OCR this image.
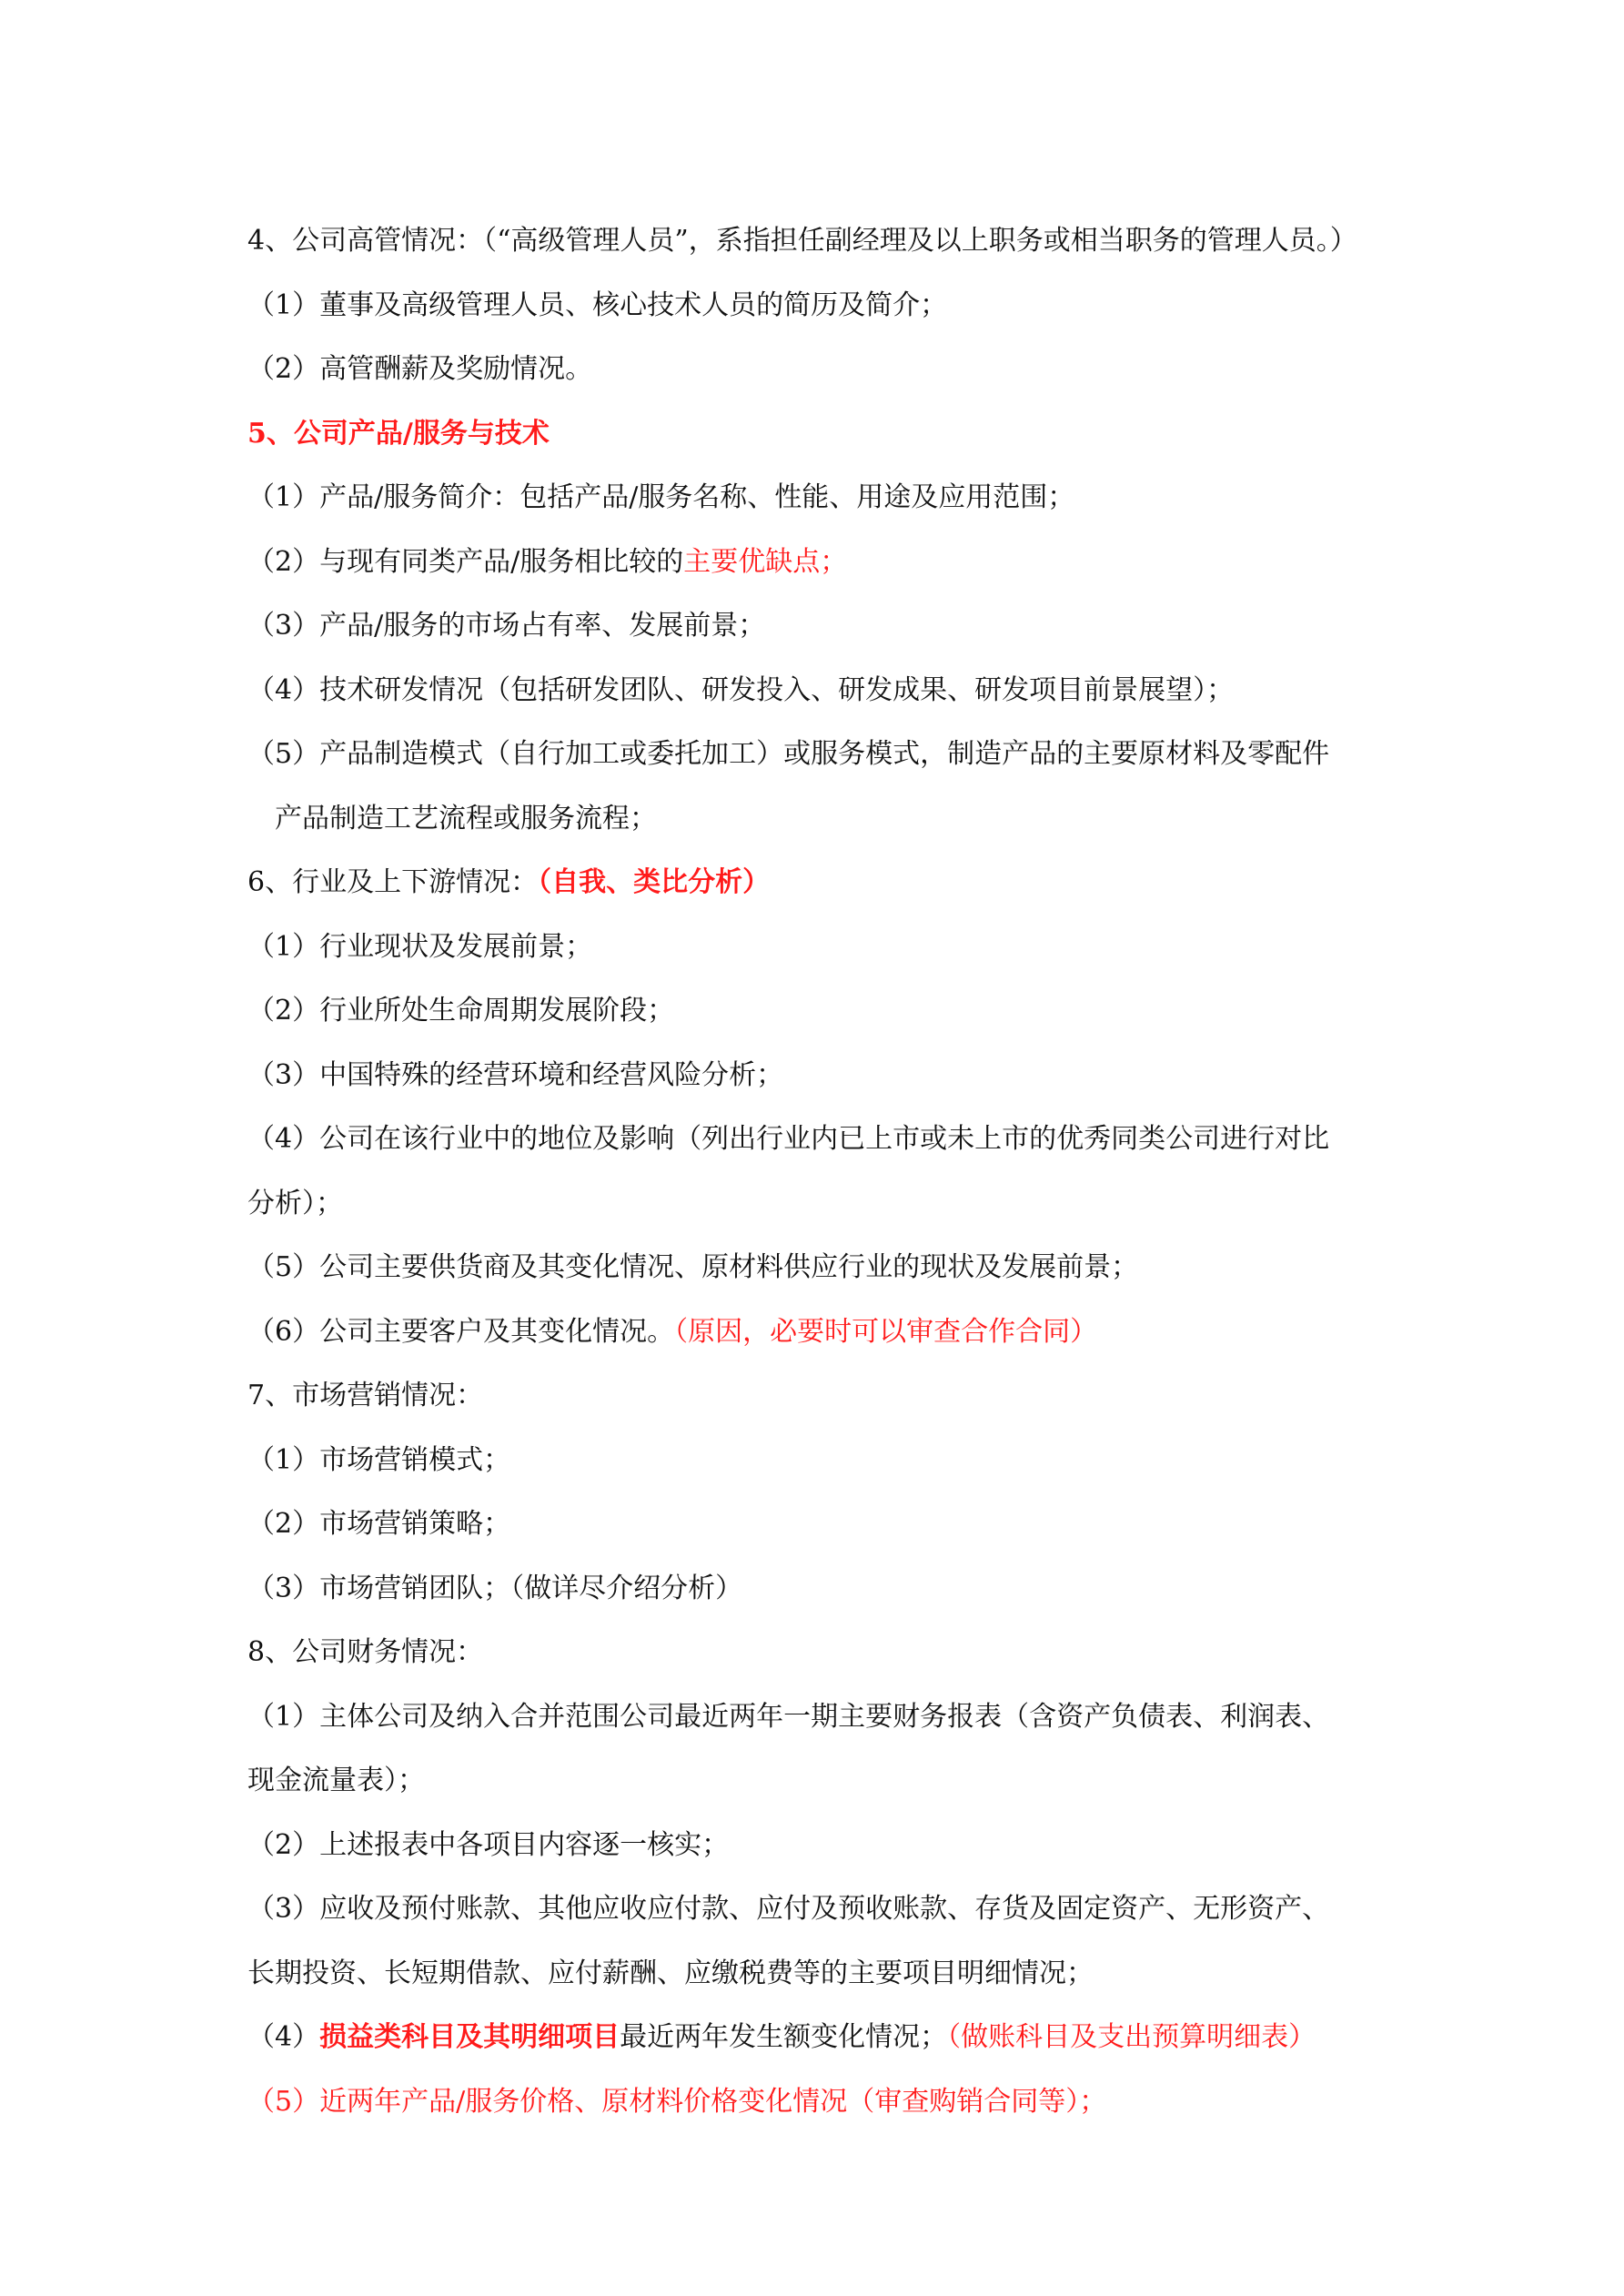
4、公司高管情况：（“高级管理人员”，系指担任副经理及以上职务或相当职务的管理人员。）
（1）董事及高级管理人员、核心技术人员的简历及简介；
（2）高管酬薪及奖励情况。
5、公司产品/服务与技术
（1）产品/服务简介：包括产品/服务名称、性能、用途及应用范围；
（2）与现有同类产品/服务相比较的主要优缺点；
（3）产品/服务的市场占有率、发展前景；
（4）技术研发情况（包括研发团队、研发投入、研发成果、研发项目前景展望）；
（5）产品制造模式（自行加工或委托加工）或服务模式，制造产品的主要原材料及零配件
产品制造工艺流程或服务流程；
6、行业及上下游情况：（自我、类比分析）
（1）行业现状及发展前景；
（2）行业所处生命周期发展阶段；
（3）中国特殊的经营环境和经营风险分析；
（4）公司在该行业中的地位及影响（列出行业内已上市或未上市的优秀同类公司进行对比
分析）；
（5）公司主要供货商及其变化情况、原材料供应行业的现状及发展前景；
（6）公司主要客户及其变化情况。（原因，必要时可以审查合作合同）
7、市场营销情况：
（1）市场营销模式；
（2）市场营销策略；
（3）市场营销团队；（做详尽介绍分析）
8、公司财务情况：
（1）主体公司及纳入合并范围公司最近两年一期主要财务报表（含资产负债表、利润表、
现金流量表）；
（2）上述报表中各项目内容逐一核实；
（3）应收及预付账款、其他应收应付款、应付及预收账款、存货及固定资产、无形资产、
长期投资、长短期借款、应付薪酬、应缴税费等的主要项目明细情况；
（4）损益类科目及其明细项目最近两年发生额变化情况；（做账科目及支出预算明细表）
（5）近两年产品/服务价格、原材料价格变化情况（审查购销合同等）；
